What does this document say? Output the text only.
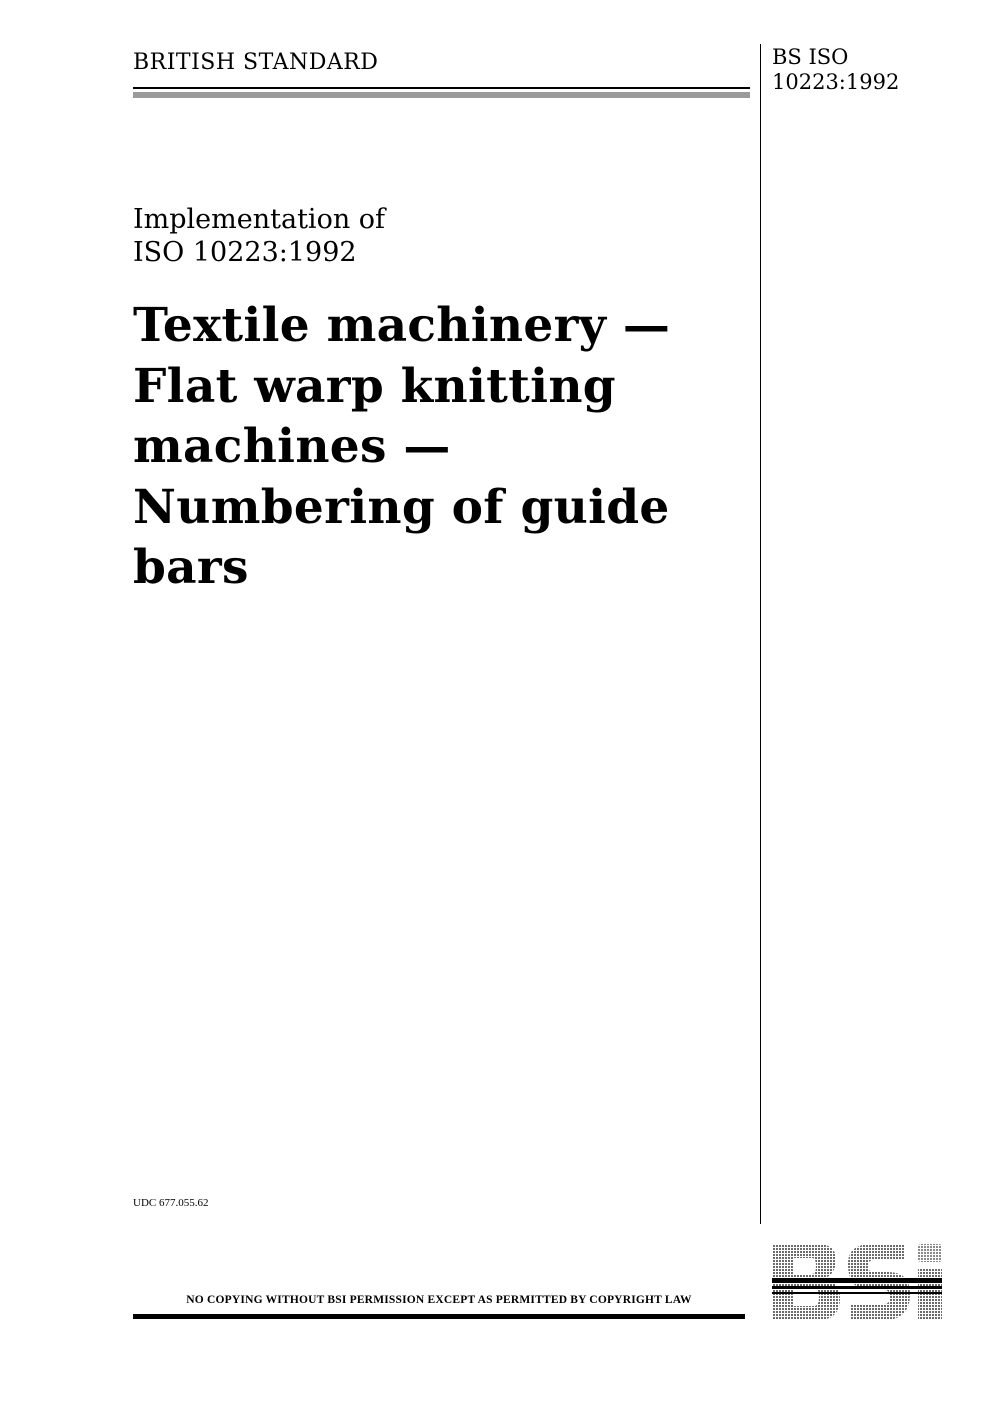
BRITISH STANDARD	BS ISO
10223:1992
Implementation of
ISO 10223:1992
Textile machinery —
Flat warp knitting
machines —
Numbering of guide
bars
UDC 677.055.62
NO COPYING WITHOUT BSI PERMISSION EXCEPT AS PERMITTED BY COPYRIGHT LAW
